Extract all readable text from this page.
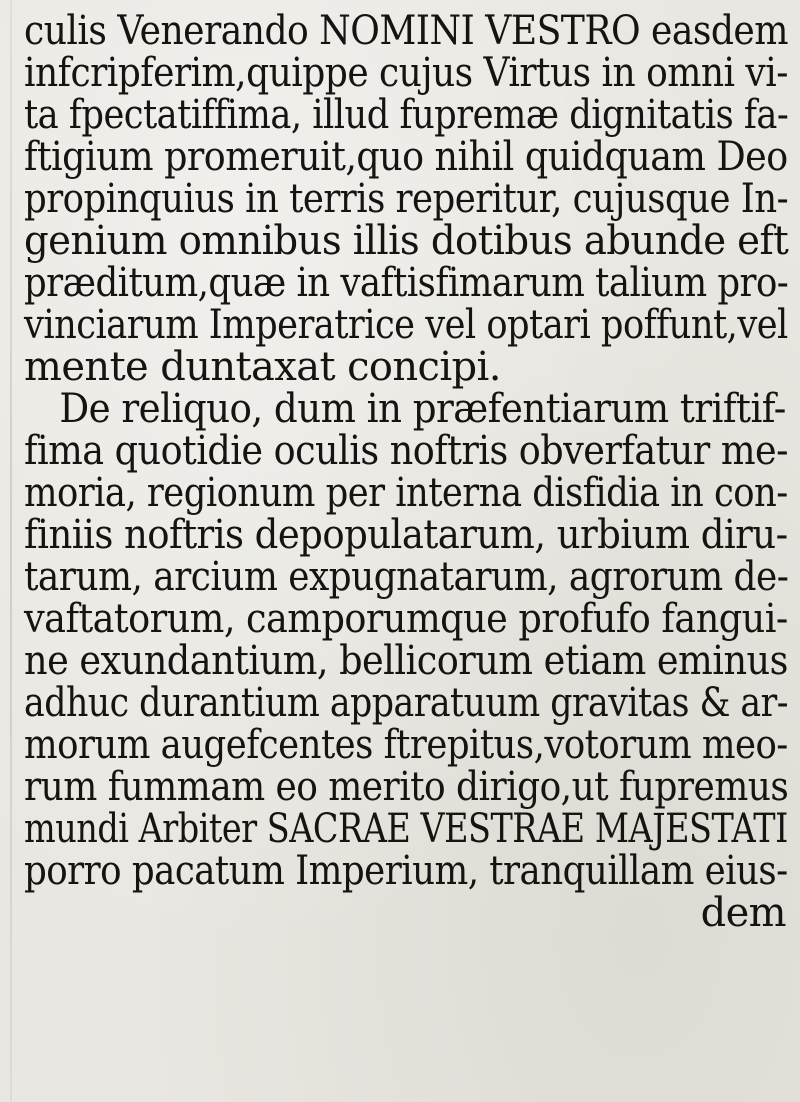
culis Venerando NOMINI VESTRO easdem
infcripferim,quippe cujus Virtus in omni vi-
ta fpectatiffima, illud fupremæ dignitatis fa-
ftigium promeruit,quo nihil quidquam Deo
propinquius in terris reperitur, cujusque In-
genium omnibus illis dotibus abunde eft
præditum,quæ in vaftisfimarum talium pro-
vinciarum Imperatrice vel optari poffunt,vel
mente duntaxat concipi.
De reliquo, dum in præfentiarum triftif-
fima quotidie oculis noftris obverfatur me-
moria, regionum per interna disfidia in con-
finiis noftris depopulatarum, urbium diru-
tarum, arcium expugnatarum, agrorum de-
vaftatorum, camporumque profufo fangui-
ne exundantium, bellicorum etiam eminus
adhuc durantium apparatuum gravitas & ar-
morum augefcentes ftrepitus,votorum meo-
rum fummam eo merito dirigo,ut fupremus
mundi Arbiter SACRAE VESTRAE MAJESTATI
porro pacatum Imperium, tranquillam eius-
dem
